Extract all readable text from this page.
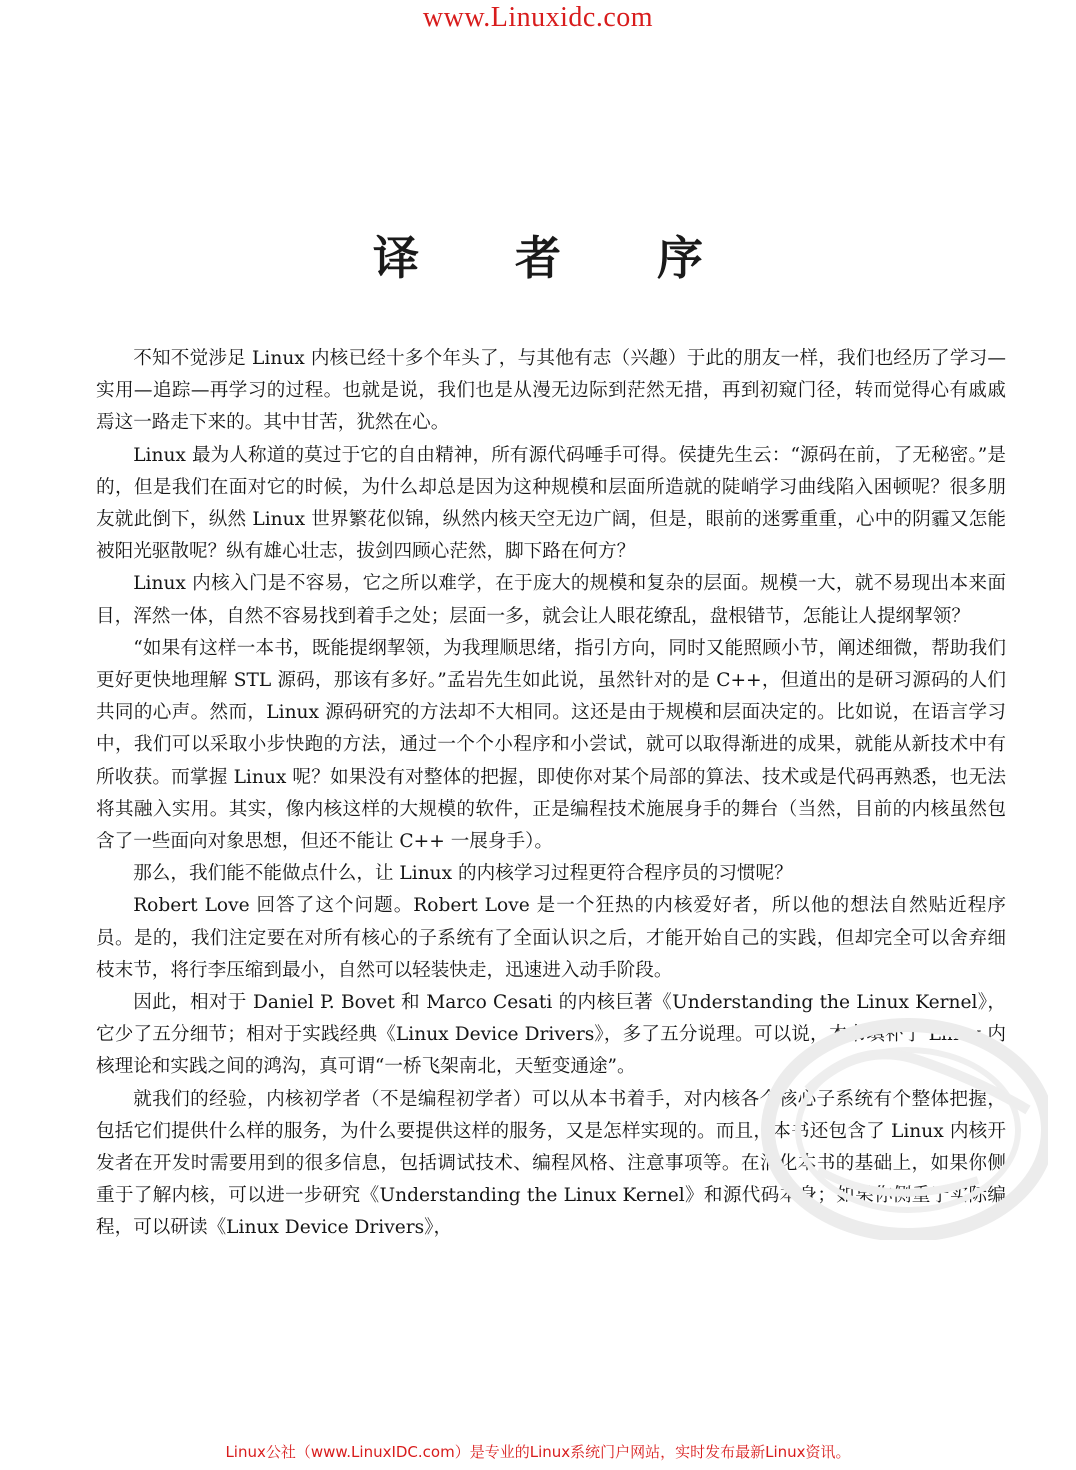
www.Linuxidc.com
译 者 序

不知不觉涉足 Linux 内核已经十多个年头了，与其他有志（兴趣）于此的朋友一样，我们也经历了学习—实用—追踪—再学习的过程。也就是说，我们也是从漫无边际到茫然无措，再到初窥门径，转而觉得心有戚戚焉这一路走下来的。其中甘苦，犹然在心。

Linux 最为人称道的莫过于它的自由精神，所有源代码唾手可得。侯捷先生云：“源码在前，了无秘密。”是的，但是我们在面对它的时候，为什么却总是因为这种规模和层面所造就的陡峭学习曲线陷入困顿呢？很多朋友就此倒下，纵然 Linux 世界繁花似锦，纵然内核天空无边广阔，但是，眼前的迷雾重重，心中的阴霾又怎能被阳光驱散呢？纵有雄心壮志，拔剑四顾心茫然，脚下路在何方？

Linux 内核入门是不容易，它之所以难学，在于庞大的规模和复杂的层面。规模一大，就不易现出本来面目，浑然一体，自然不容易找到着手之处；层面一多，就会让人眼花缭乱，盘根错节，怎能让人提纲挈领？

“如果有这样一本书，既能提纲挈领，为我理顺思绪，指引方向，同时又能照顾小节，阐述细微，帮助我们更好更快地理解 STL 源码，那该有多好。”孟岩先生如此说，虽然针对的是 C++，但道出的是研习源码的人们共同的心声。然而，Linux 源码研究的方法却不大相同。这还是由于规模和层面决定的。比如说，在语言学习中，我们可以采取小步快跑的方法，通过一个个小程序和小尝试，就可以取得渐进的成果，就能从新技术中有所收获。而掌握 Linux 呢？如果没有对整体的把握，即使你对某个局部的算法、技术或是代码再熟悉，也无法将其融入实用。其实，像内核这样的大规模的软件，正是编程技术施展身手的舞台（当然，目前的内核虽然包含了一些面向对象思想，但还不能让 C++ 一展身手）。

那么，我们能不能做点什么，让 Linux 的内核学习过程更符合程序员的习惯呢？

Robert Love 回答了这个问题。Robert Love 是一个狂热的内核爱好者，所以他的想法自然贴近程序员。是的，我们注定要在对所有核心的子系统有了全面认识之后，才能开始自己的实践，但却完全可以舍弃细枝末节，将行李压缩到最小，自然可以轻装快走，迅速进入动手阶段。

因此，相对于 Daniel P. Bovet 和 Marco Cesati 的内核巨著《Understanding the Linux Kernel》，它少了五分细节；相对于实践经典《Linux Device Drivers》，多了五分说理。可以说，本书填补了 Linux 内核理论和实践之间的鸿沟，真可谓“一桥飞架南北，天堑变通途”。

就我们的经验，内核初学者（不是编程初学者）可以从本书着手，对内核各个核心子系统有个整体把握，包括它们提供什么样的服务，为什么要提供这样的服务，又是怎样实现的。而且，本书还包含了 Linux 内核开发者在开发时需要用到的很多信息，包括调试技术、编程风格、注意事项等。在消化本书的基础上，如果你侧重于了解内核，可以进一步研究《Understanding the Linux Kernel》和源代码本身；如果你侧重于实际编程，可以研读《Linux Device Drivers》，

Linux公社（www.LinuxIDC.com）是专业的Linux系统门户网站，实时发布最新Linux资讯。
